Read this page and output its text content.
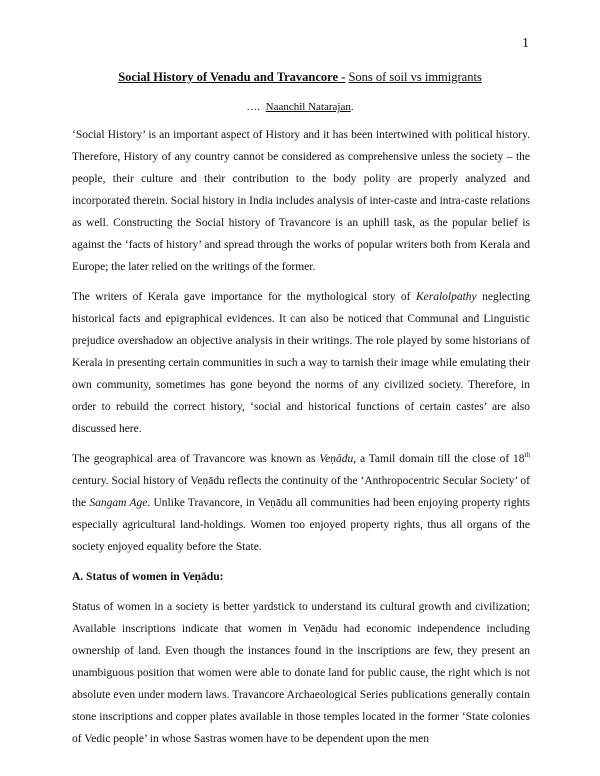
1
Social History of Venadu and Travancore - Sons of soil vs immigrants
…. Naanchil Natarajan.

‘Social History’ is an important aspect of History and it has been intertwined with political history. Therefore, History of any country cannot be considered as comprehensive unless the society – the people, their culture and their contribution to the body polity are properly analyzed and incorporated therein. Social history in India includes analysis of inter-caste and intra-caste relations as well. Constructing the Social history of Travancore is an uphill task, as the popular belief is against the ‘facts of history’ and spread through the works of popular writers both from Kerala and Europe; the later relied on the writings of the former.

The writers of Kerala gave importance for the mythological story of Keralolpathy neglecting historical facts and epigraphical evidences. It can also be noticed that Communal and Linguistic prejudice overshadow an objective analysis in their writings. The role played by some historians of Kerala in presenting certain communities in such a way to tarnish their image while emulating their own community, sometimes has gone beyond the norms of any civilized society. Therefore, in order to rebuild the correct history, ‘social and historical functions of certain castes’ are also discussed here.

The geographical area of Travancore was known as Veṇādu, a Tamil domain till the close of 18th century. Social history of Veṇādu reflects the continuity of the ‘Anthropocentric Secular Society’ of the Sangam Age. Unlike Travancore, in Veṇādu all communities had been enjoying property rights especially agricultural land-holdings. Women too enjoyed property rights, thus all organs of the society enjoyed equality before the State.

A. Status of women in Veṇādu:

Status of women in a society is better yardstick to understand its cultural growth and civilization; Available inscriptions indicate that women in Veṇādu had economic independence including ownership of land. Even though the instances found in the inscriptions are few, they present an unambiguous position that women were able to donate land for public cause, the right which is not absolute even under modern laws. Travancore Archaeological Series publications generally contain stone inscriptions and copper plates available in those temples located in the former ‘State colonies of Vedic people’ in whose Sastras women have to be dependent upon the men
